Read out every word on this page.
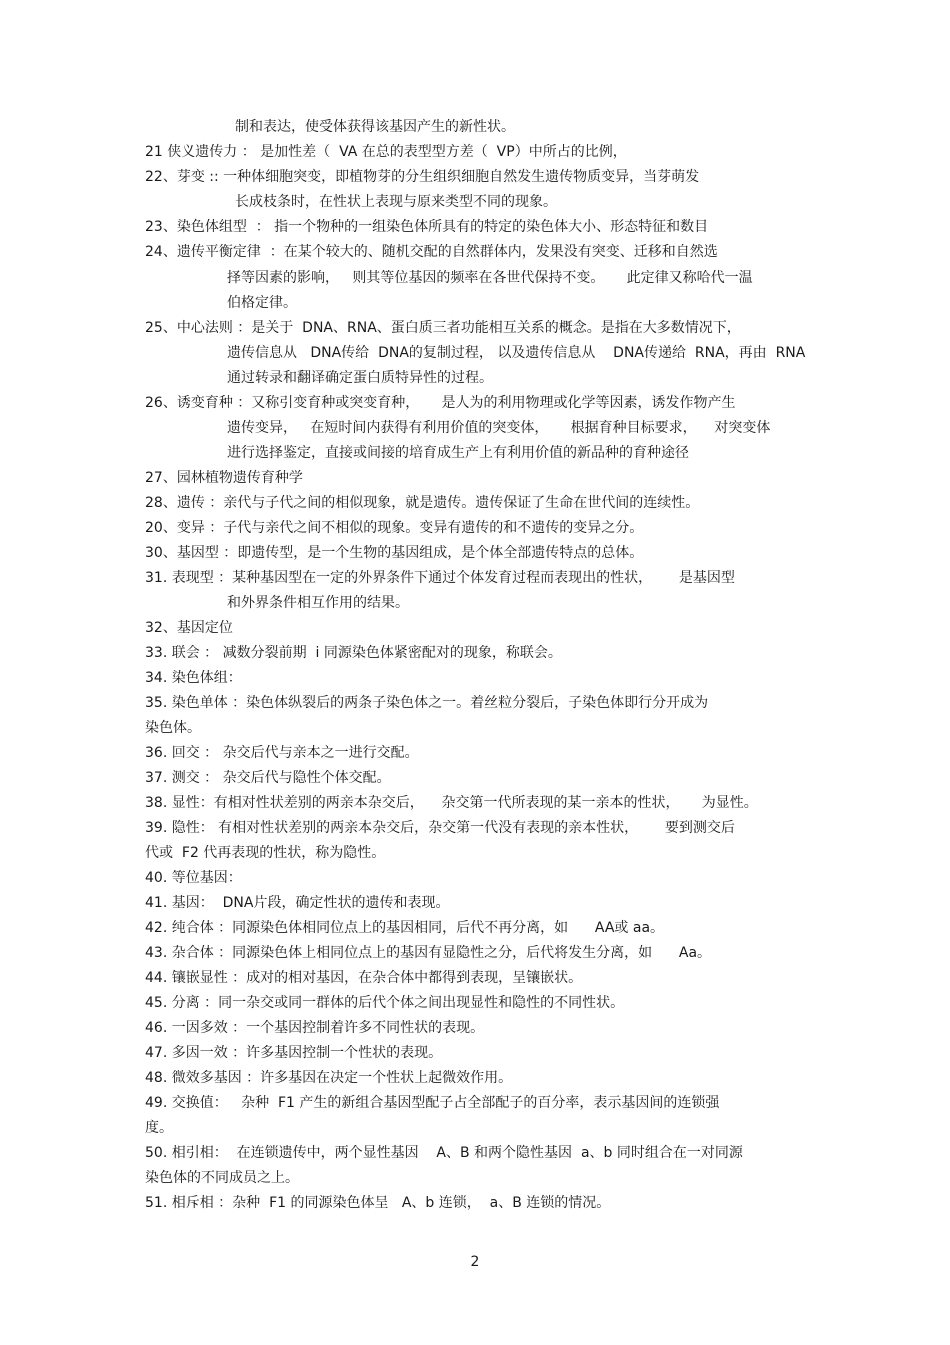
制和表达，使受体获得该基因产生的新性状。
21 侠义遗传力 ： 是加性差（  VA 在总的表型型方差（  VP）中所占的比例，
22、芽变 :: 一种体细胞突变，即植物芽的分生组织细胞自然发生遗传物质变异，当芽萌发
长成枝条时，在性状上表现与原来类型不同的现象。
23、染色体组型  ： 指一个物种的一组染色体所具有的特定的染色体大小、形态特征和数目
24、遗传平衡定律  ：在某个较大的、随机交配的自然群体内，发果没有突变、迁移和自然选
择等因素的影响，   则其等位基因的频率在各世代保持不变。     此定律又称哈代一温
伯格定律。
25、中心法则 ：是关于  DNA、RNA、蛋白质三者功能相互关系的概念。是指在大多数情况下，
遗传信息从   DNA传给  DNA的复制过程， 以及遗传信息从    DNA传递给  RNA，再由  RNA
通过转录和翻译确定蛋白质特异性的过程。
26、诱变育种 ：又称引变育种或突变育种，     是人为的利用物理或化学等因素，诱发作物产生
遗传变异，   在短时间内获得有利用价值的突变体，     根据育种目标要求，    对突变体
进行选择鉴定，直接或间接的培育成生产上有利用价值的新品种的育种途径
27、园林植物遗传育种学
28、遗传 ：亲代与子代之间的相似现象，就是遗传。遗传保证了生命在世代间的连续性。
20、变异 ：子代与亲代之间不相似的现象。变异有遗传的和不遗传的变异之分。
30、基因型 ：即遗传型，是一个生物的基因组成，是个体全部遗传特点的总体。
31. 表现型 ：某种基因型在一定的外界条件下通过个体发育过程而表现出的性状，      是基因型
和外界条件相互作用的结果。
32、基因定位
33. 联会 ： 减数分裂前期  i 同源染色体紧密配对的现象，称联会。
34. 染色体组：
35. 染色单体 ：染色体纵裂后的两条子染色体之一。着丝粒分裂后，子染色体即行分开成为
染色体。
36. 回交 ： 杂交后代与亲本之一进行交配。
37. 测交 ： 杂交后代与隐性个体交配。
38. 显性：有相对性状差别的两亲本杂交后，    杂交第一代所表现的某一亲本的性状，     为显性。
39. 隐性： 有相对性状差别的两亲本杂交后，杂交第一代没有表现的亲本性状，      要到测交后
代或  F2 代再表现的性状，称为隐性。
40. 等位基因：
41. 基因：  DNA片段，确定性状的遗传和表现。
42. 纯合体 ：同源染色体相同位点上的基因相同，后代不再分离，如      AA或 aa。
43. 杂合体 ：同源染色体上相同位点上的基因有显隐性之分，后代将发生分离，如      Aa。
44. 镶嵌显性 ：成对的相对基因，在杂合体中都得到表现，呈镶嵌状。
45. 分离 ：同一杂交或同一群体的后代个体之间出现显性和隐性的不同性状。
46. 一因多效 ：一个基因控制着许多不同性状的表现。
47. 多因一效 ：许多基因控制一个性状的表现。
48. 微效多基因 ：许多基因在决定一个性状上起微效作用。
49. 交换值：   杂种  F1 产生的新组合基因型配子占全部配子的百分率，表示基因间的连锁强
度。
50. 相引相：  在连锁遗传中，两个显性基因    A、B 和两个隐性基因  a、b 同时组合在一对同源
染色体的不同成员之上。
51. 相斥相 ：杂种  F1 的同源染色体呈   A、b 连锁，  a、B 连锁的情况。
2
